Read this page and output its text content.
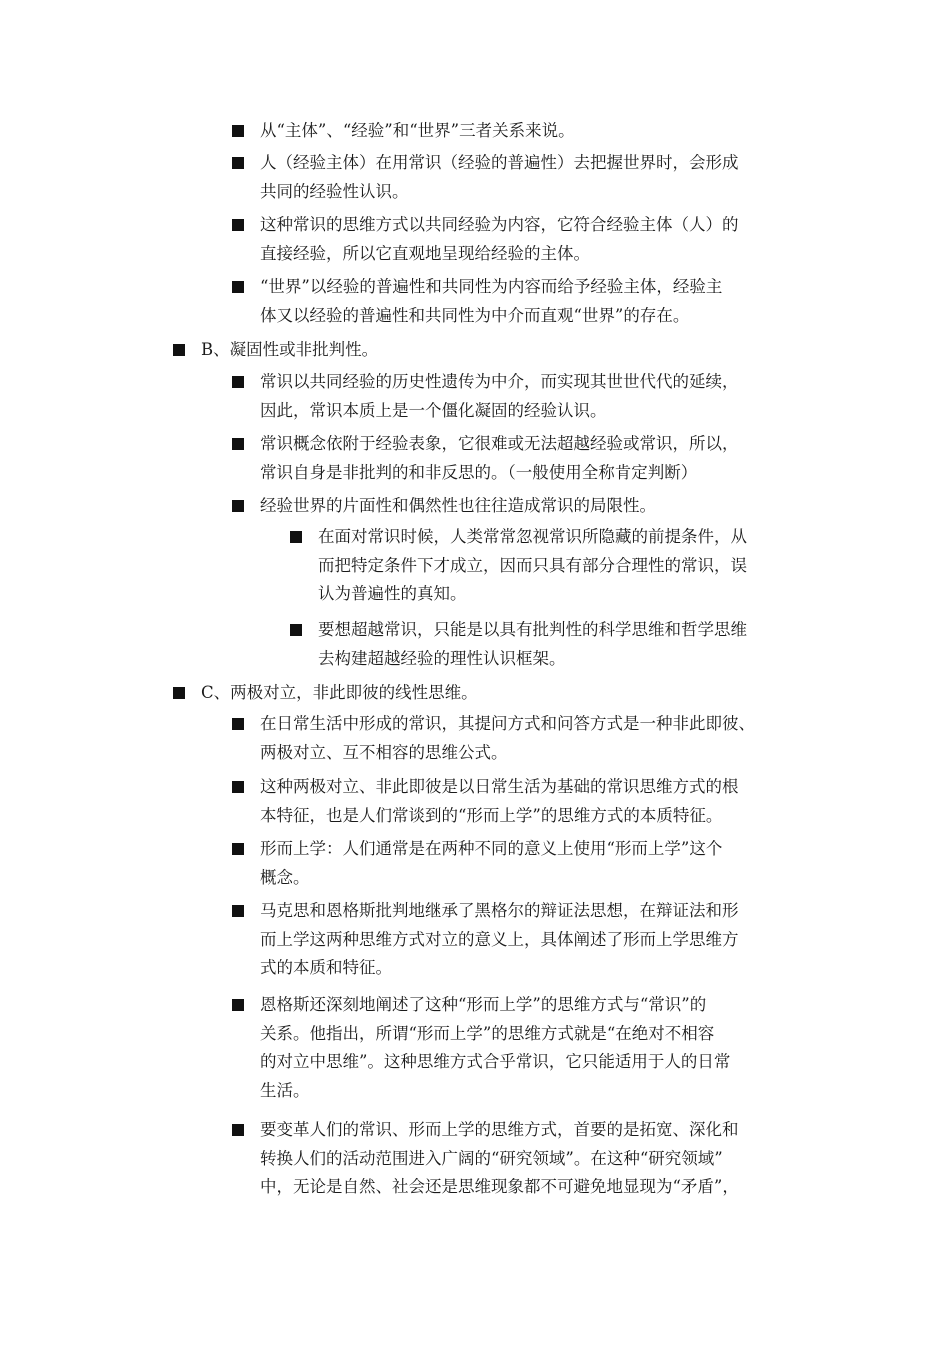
从“主体”、“经验”和“世界”三者关系来说。
人（经验主体）在用常识（经验的普遍性）去把握世界时，会形成
共同的经验性认识。
这种常识的思维方式以共同经验为内容，它符合经验主体（人）的
直接经验，所以它直观地呈现给经验的主体。
“世界”以经验的普遍性和共同性为内容而给予经验主体，经验主
体又以经验的普遍性和共同性为中介而直观“世界”的存在。
B、凝固性或非批判性。
常识以共同经验的历史性遗传为中介，而实现其世世代代的延续，
因此，常识本质上是一个僵化凝固的经验认识。
常识概念依附于经验表象，它很难或无法超越经验或常识，所以，
常识自身是非批判的和非反思的。（一般使用全称肯定判断）
经验世界的片面性和偶然性也往往造成常识的局限性。
在面对常识时候，人类常常忽视常识所隐藏的前提条件，从
而把特定条件下才成立，因而只具有部分合理性的常识，误
认为普遍性的真知。
要想超越常识，只能是以具有批判性的科学思维和哲学思维
去构建超越经验的理性认识框架。
C、两极对立，非此即彼的线性思维。
在日常生活中形成的常识，其提问方式和问答方式是一种非此即彼、
两极对立、互不相容的思维公式。
这种两极对立、非此即彼是以日常生活为基础的常识思维方式的根
本特征，也是人们常谈到的“形而上学”的思维方式的本质特征。
形而上学：人们通常是在两种不同的意义上使用“形而上学”这个
概念。
马克思和恩格斯批判地继承了黑格尔的辩证法思想，在辩证法和形
而上学这两种思维方式对立的意义上，具体阐述了形而上学思维方
式的本质和特征。
恩格斯还深刻地阐述了这种“形而上学”的思维方式与“常识”的
关系。他指出，所谓“形而上学”的思维方式就是“在绝对不相容
的对立中思维”。这种思维方式合乎常识，它只能适用于人的日常
生活。
要变革人们的常识、形而上学的思维方式，首要的是拓宽、深化和
转换人们的活动范围进入广阔的“研究领域”。在这种“研究领域”
中，无论是自然、社会还是思维现象都不可避免地显现为“矛盾”，
